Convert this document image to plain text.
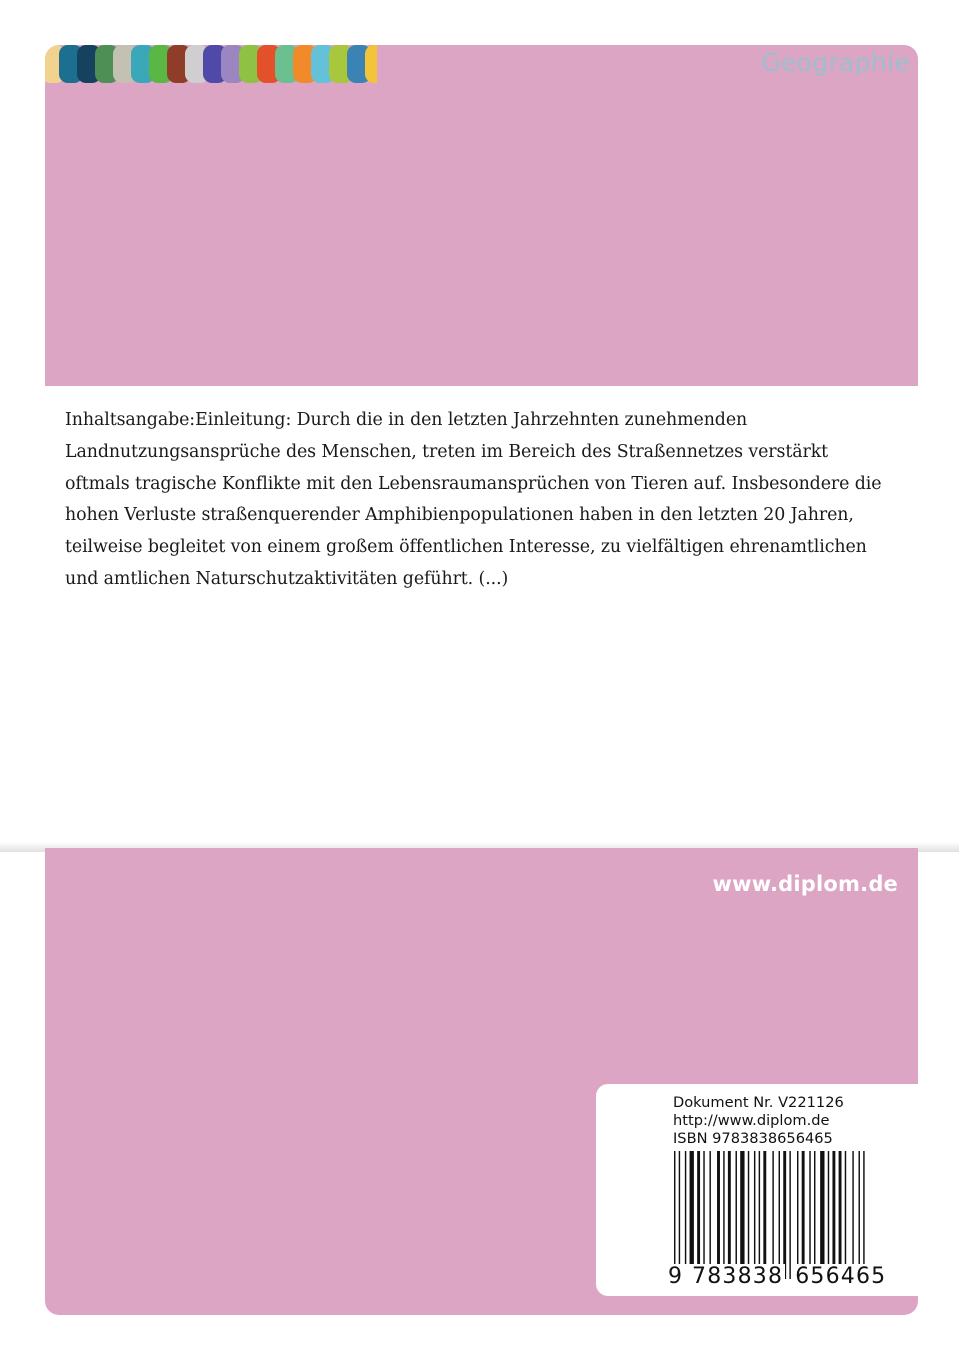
Geographie

Inhaltsangabe:Einleitung: Durch die in den letzten Jahrzehnten zunehmenden Landnutzungsansprüche des Menschen, treten im Bereich des Straßennetzes verstärkt oftmals tragische Konflikte mit den Lebensraumansprüchen von Tieren auf. Insbesondere die hohen Verluste straßenquerender Amphibienpopulationen haben in den letzten 20 Jahren, teilweise begleitet von einem großem öffentlichen Interesse, zu vielfältigen ehrenamtlichen und amtlichen Naturschutzaktivitäten geführt. (...)

www.diplom.de
Dokument Nr. V221126
http://www.diplom.de
ISBN 9783838656465
9 783838 656465
